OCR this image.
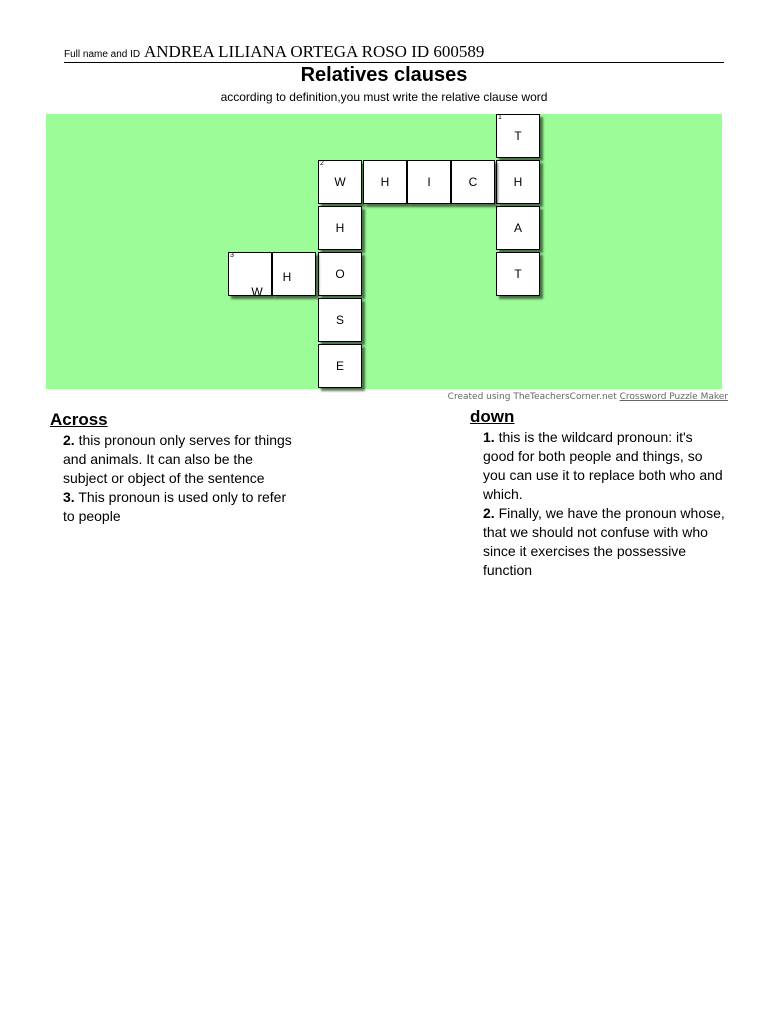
Full name and ID ANDREA LILIANA ORTEGA ROSO ID 600589
Relatives clauses
according to definition,you must write the relative clause word
1
T
H
A
T
2
W	H	I	C
H
O
S
E
3
W
H
Created using TheTeachersCorner.net Crossword Puzzle Maker
Across
2. this pronoun only serves for things and animals. It can also be the subject or object of the sentence
3. This pronoun is used only to refer to people
down
1. this is the wildcard pronoun: it's good for both people and things, so you can use it to replace both who and which.
2. Finally, we have the pronoun whose, that we should not confuse with who since it exercises the possessive function
